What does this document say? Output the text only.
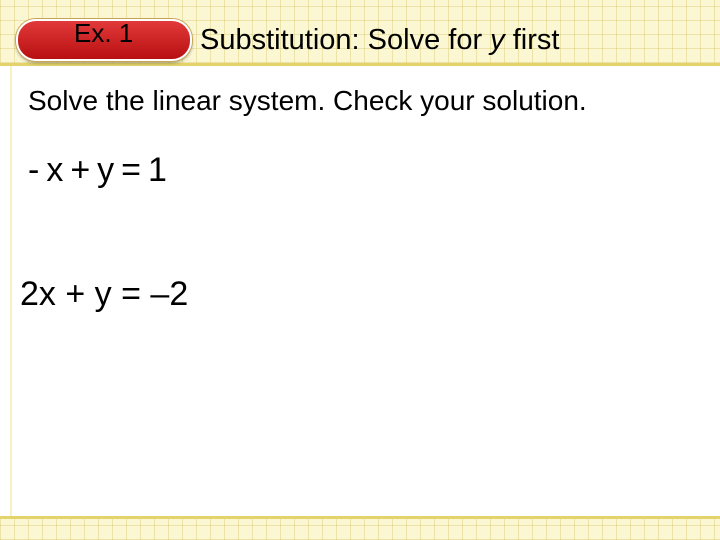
Ex. 1 Substitution: Solve for y first
Solve the linear system. Check your solution.
-x+y=1
2x + y = –2
